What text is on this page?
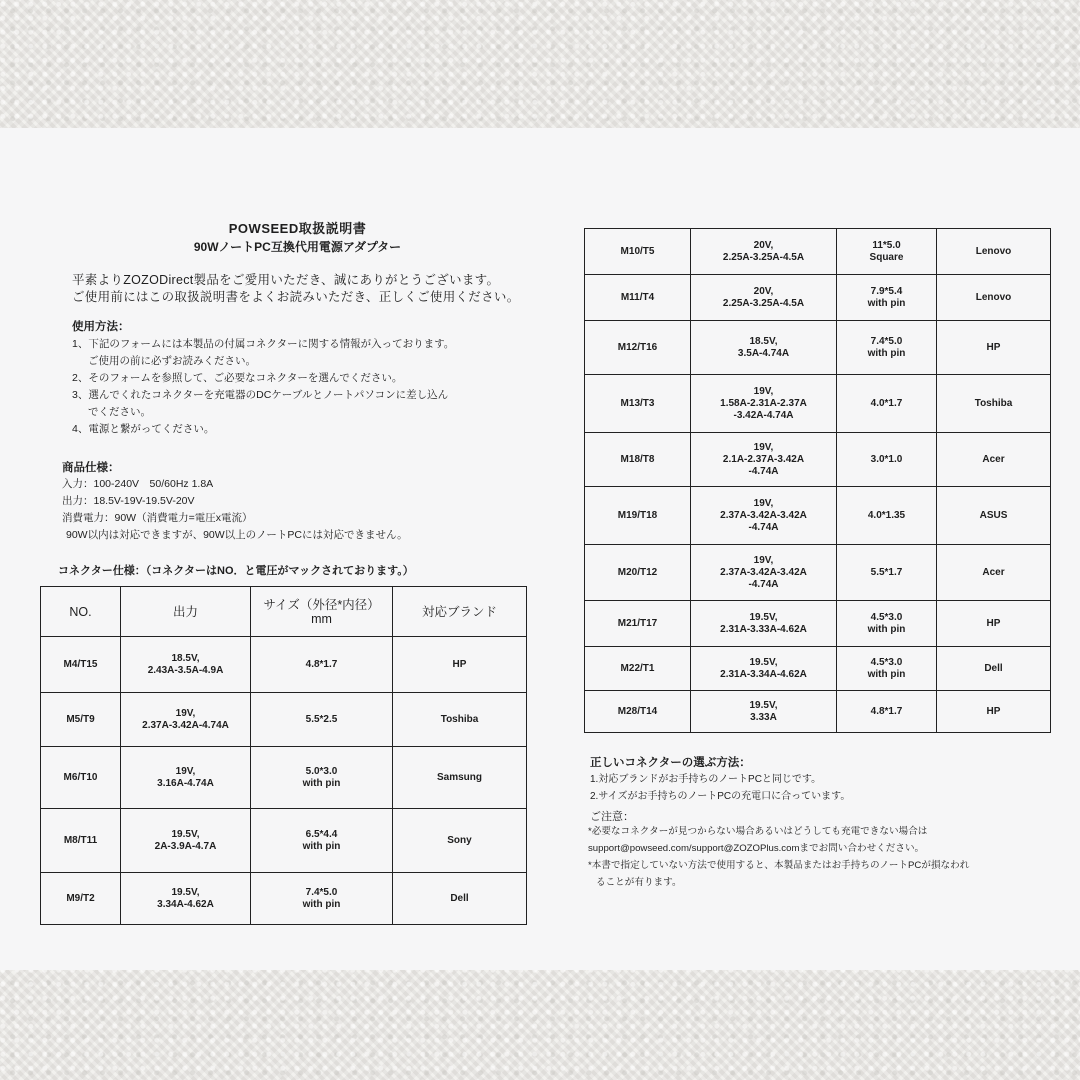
POWSEED取扱説明書
90WノートPC互換代用電源アダプター
平素よりZOZODirect製品をご愛用いただき、誠にありがとうございます。
ご使用前にはこの取扱説明書をよくお読みいただき、正しくご使用ください。
使用方法：
1、下記のフォームには本製品の付属コネクターに関する情報が入っております。
ご使用の前に必ずお読みください。
2、そのフォームを参照して、ご必要なコネクターを選んでください。
3、選んでくれたコネクターを充電器のDCケーブルとノートパソコンに差し込ん
でください。
4、電源と繋がってください。
商品仕様：
入力：100-240V　50/60Hz 1.8A
出力：18.5V-19V-19.5V-20V
消費電力：90W（消費電力=電圧x電流）
90W以内は対応できますが、90W以上のノートPCには対応できません。
コネクター仕様：（コネクターはNO．と電圧がマックされております。）
NO.	出力	サイズ（外径*内径）
mm	対応ブランド

M4/T15	18.5V,
2.43A-3.5A-4.9A	4.8*1.7	HP

M5/T9	19V,
2.37A-3.42A-4.74A	5.5*2.5	Toshiba

M6/T10	19V,
3.16A-4.74A	5.0*3.0
with pin	Samsung

M8/T11	19.5V,
2A-3.9A-4.7A	6.5*4.4
with pin	Sony

M9/T2	19.5V,
3.34A-4.62A	7.4*5.0
with pin	Dell
M10/T5	20V,
2.25A-3.25A-4.5A	11*5.0
Square	Lenovo

M11/T4	20V,
2.25A-3.25A-4.5A	7.9*5.4
with pin	Lenovo

M12/T16	18.5V,
3.5A-4.74A	7.4*5.0
with pin	HP

M13/T3	19V,
1.58A-2.31A-2.37A
-3.42A-4.74A	4.0*1.7	Toshiba

M18/T8	19V,
2.1A-2.37A-3.42A
-4.74A	3.0*1.0	Acer

M19/T18	19V,
2.37A-3.42A-3.42A
-4.74A	4.0*1.35	ASUS

M20/T12	19V,
2.37A-3.42A-3.42A
-4.74A	5.5*1.7	Acer

M21/T17	19.5V,
2.31A-3.33A-4.62A	4.5*3.0
with pin	HP

M22/T1	19.5V,
2.31A-3.34A-4.62A	4.5*3.0
with pin	Dell

M28/T14	19.5V,
3.33A	4.8*1.7	HP
正しいコネクターの選ぶ方法：
1.対応ブランドがお手持ちのノートPCと同じです。
2.サイズがお手持ちのノートPCの充電口に合っています。
ご注意：
*必要なコネクターが見つからない場合あるいはどうしても充電できない場合は
support@powseed.com/support@ZOZOPlus.comまでお問い合わせください。
*本書で指定していない方法で使用すると、本製品またはお手持ちのノートPCが損なわれ
ることが有ります。
